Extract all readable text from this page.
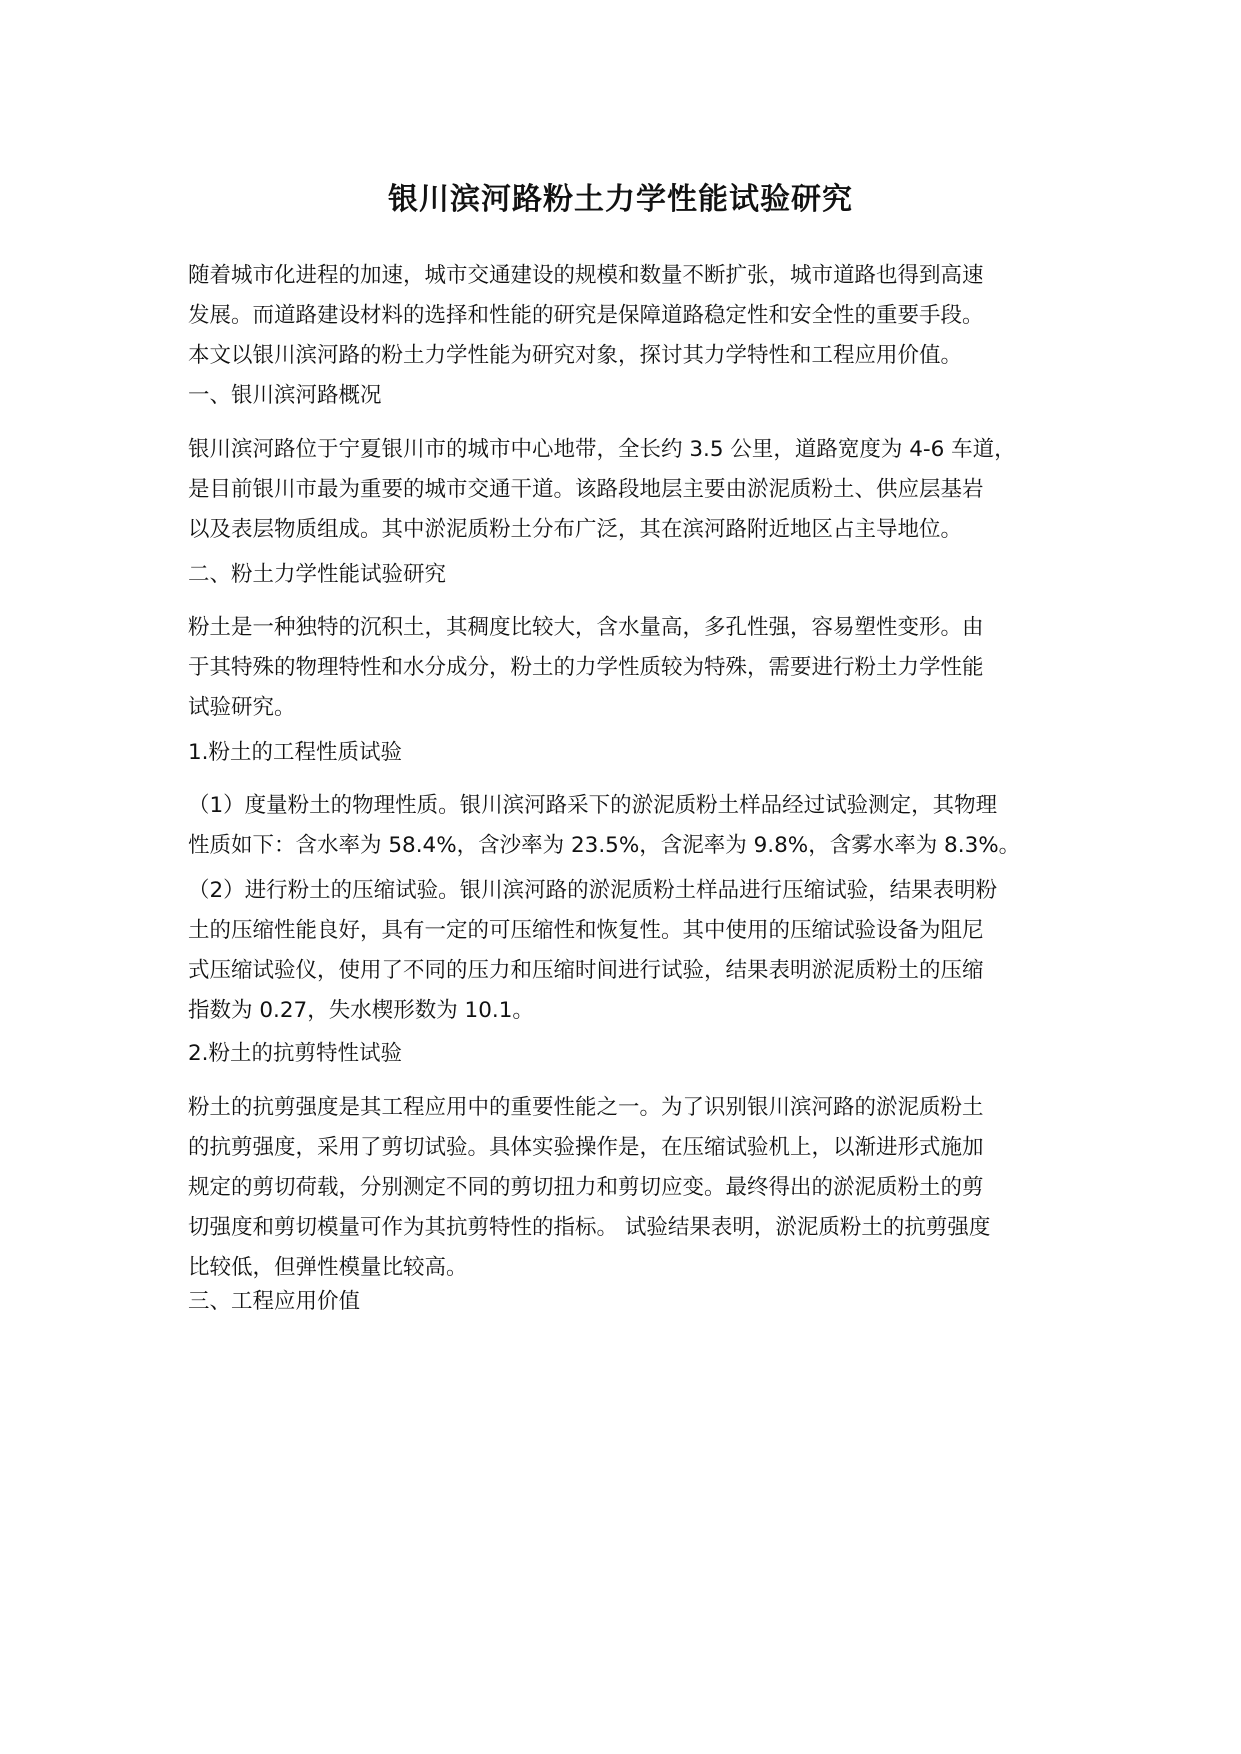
银川滨河路粉土力学性能试验研究
随着城市化进程的加速，城市交通建设的规模和数量不断扩张，城市道路也得到高速
发展。而道路建设材料的选择和性能的研究是保障道路稳定性和安全性的重要手段。
本文以银川滨河路的粉土力学性能为研究对象，探讨其力学特性和工程应用价值。
一、银川滨河路概况
银川滨河路位于宁夏银川市的城市中心地带，全长约 3.5 公里，道路宽度为 4-6 车道，
是目前银川市最为重要的城市交通干道。该路段地层主要由淤泥质粉土、供应层基岩
以及表层物质组成。其中淤泥质粉土分布广泛，其在滨河路附近地区占主导地位。
二、粉土力学性能试验研究
粉土是一种独特的沉积土，其稠度比较大，含水量高，多孔性强，容易塑性变形。由
于其特殊的物理特性和水分成分，粉土的力学性质较为特殊，需要进行粉土力学性能
试验研究。
1.粉土的工程性质试验
（1）度量粉土的物理性质。银川滨河路采下的淤泥质粉土样品经过试验测定，其物理
性质如下：含水率为 58.4%，含沙率为 23.5%，含泥率为 9.8%，含雾水率为 8.3%。
（2）进行粉土的压缩试验。银川滨河路的淤泥质粉土样品进行压缩试验，结果表明粉
土的压缩性能良好，具有一定的可压缩性和恢复性。其中使用的压缩试验设备为阻尼
式压缩试验仪，使用了不同的压力和压缩时间进行试验，结果表明淤泥质粉土的压缩
指数为 0.27，失水楔形数为 10.1。
2.粉土的抗剪特性试验
粉土的抗剪强度是其工程应用中的重要性能之一。为了识别银川滨河路的淤泥质粉土
的抗剪强度，采用了剪切试验。具体实验操作是，在压缩试验机上，以渐进形式施加
规定的剪切荷载，分别测定不同的剪切扭力和剪切应变。最终得出的淤泥质粉土的剪
切强度和剪切模量可作为其抗剪特性的指标。 试验结果表明，淤泥质粉土的抗剪强度
比较低，但弹性模量比较高。
三、工程应用价值
